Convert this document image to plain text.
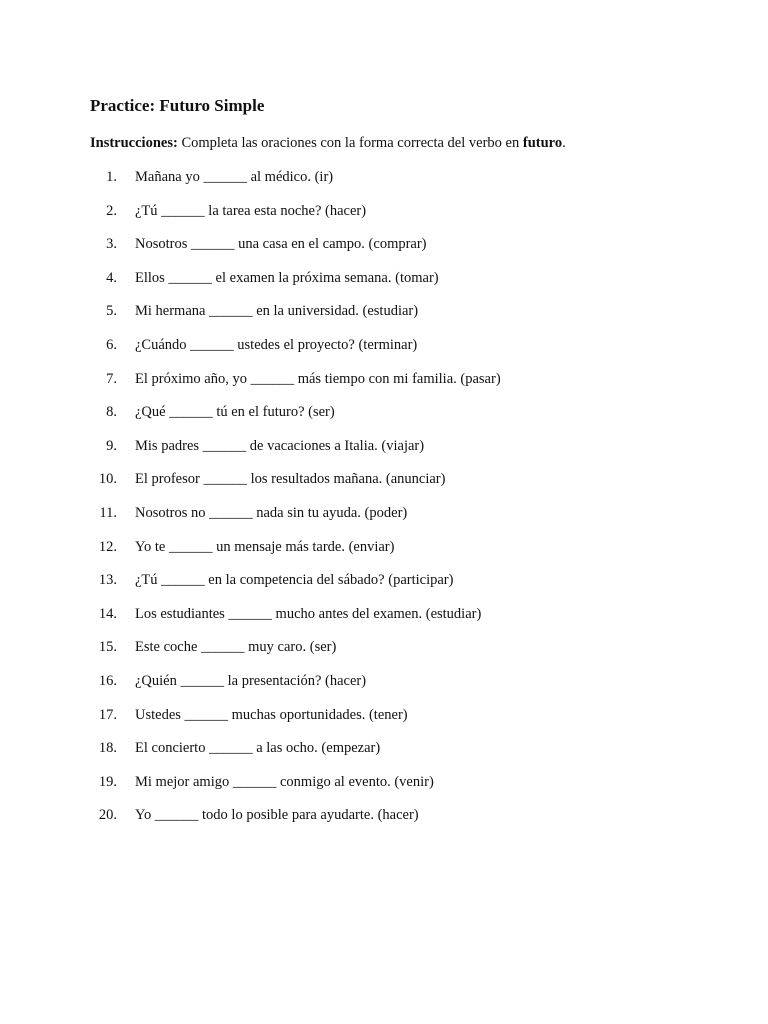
Practice: Futuro Simple

Instrucciones: Completa las oraciones con la forma correcta del verbo en futuro.

1. Mañana yo ______ al médico. (ir)
2. ¿Tú ______ la tarea esta noche? (hacer)
3. Nosotros ______ una casa en el campo. (comprar)
4. Ellos ______ el examen la próxima semana. (tomar)
5. Mi hermana ______ en la universidad. (estudiar)
6. ¿Cuándo ______ ustedes el proyecto? (terminar)
7. El próximo año, yo ______ más tiempo con mi familia. (pasar)
8. ¿Qué ______ tú en el futuro? (ser)
9. Mis padres ______ de vacaciones a Italia. (viajar)
10. El profesor ______ los resultados mañana. (anunciar)
11. Nosotros no ______ nada sin tu ayuda. (poder)
12. Yo te ______ un mensaje más tarde. (enviar)
13. ¿Tú ______ en la competencia del sábado? (participar)
14. Los estudiantes ______ mucho antes del examen. (estudiar)
15. Este coche ______ muy caro. (ser)
16. ¿Quién ______ la presentación? (hacer)
17. Ustedes ______ muchas oportunidades. (tener)
18. El concierto ______ a las ocho. (empezar)
19. Mi mejor amigo ______ conmigo al evento. (venir)
20. Yo ______ todo lo posible para ayudarte. (hacer)
